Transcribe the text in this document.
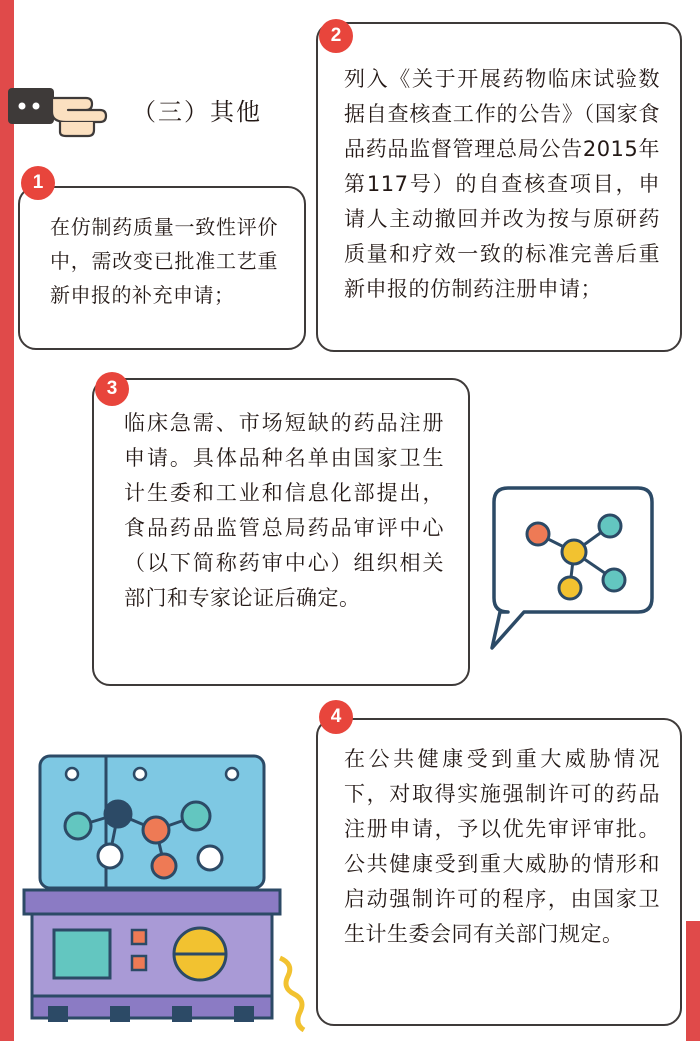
（三）其他
1
在仿制药质量一致性评价中，需改变已批准工艺重新申报的补充申请；
2
列入《关于开展药物临床试验数据自查核查工作的公告》（国家食品药品监督管理总局公告2015年第117号）的自查核查项目，申请人主动撤回并改为按与原研药质量和疗效一致的标准完善后重新申报的仿制药注册申请；
3
临床急需、市场短缺的药品注册申请。具体品种名单由国家卫生计生委和工业和信息化部提出，食品药品监管总局药品审评中心（以下简称药审中心）组织相关部门和专家论证后确定。
4
在公共健康受到重大威胁情况下，对取得实施强制许可的药品注册申请，予以优先审评审批。公共健康受到重大威胁的情形和启动强制许可的程序，由国家卫生计生委会同有关部门规定。
